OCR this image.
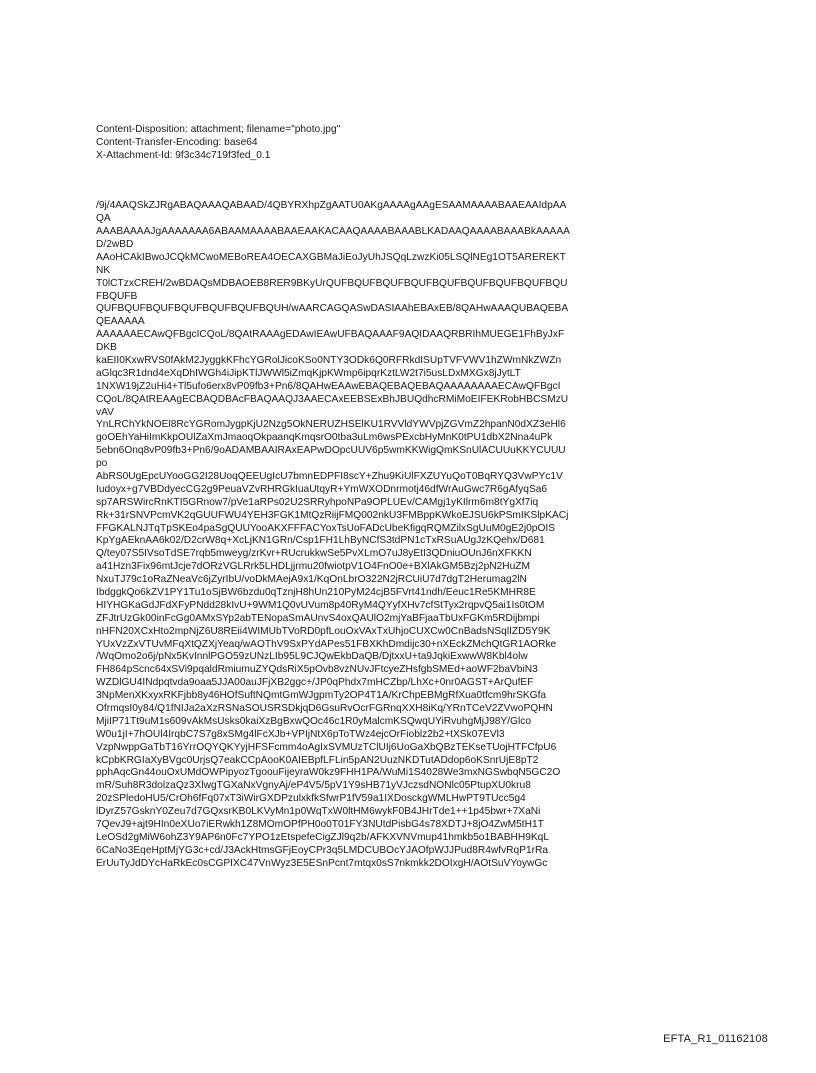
Content-Disposition: attachment; filename="photo.jpg"
Content-Transfer-Encoding: base64
X-Attachment-Id: 9f3c34c719f3fed_0.1

/9j/4AAQSkZJRgABAQAAAQABAAD/4QBYRXhpZgAATU0AKgAAAAgAAgESAAMAAAABAAEAAIdpAA
QA
AAABAAAAJgAAAAAAA6ABAAMAAAABAAEAAKACAAQAAAABAAABLKADAAQAAAABAAABkAAAAA
D/2wBD
AAoHCAkIBwoJCQkMCwoMEBoREA4OECAXGBMaJiEoJyUhJSQqLzwzKi05LSQlNEg1OT5AREREKT
NK
T0lCTzxCREH/2wBDAQsMDBAOEB8RER9BKyUrQUFBQUFBQUFBQUFBQUFBQUFBQUFBQUFBQU
FBQUFB
QUFBQUFBQUFBQUFBQUFBQUFBQUH/wAARCAGQASwDASIAAhEBAxEB/8QAHwAAAQUBAQEBA
QEAAAAA
AAAAAAECAwQFBgcICQoL/8QAtRAAAgEDAwIEAwUFBAQAAAF9AQIDAAQRBRIhMUEGE1FhByJxF
DKB
kaEII0KxwRVS0fAkM2JyggkKFhcYGRolJicoKSo0NTY3ODk6Q0RFRkdISUpTVFVWV1hZWmNkZWZn
aGlqc3R1dnd4eXqDhIWGh4iJipKTlJWWl5iZmqKjpKWmp6ipqrKztLW2t7i5usLDxMXGx8jJytLT
1NXW19jZ2uHi4+Tl5ufo6erx8vP09fb3+Pn6/8QAHwEAAwEBAQEBAQEBAQAAAAAAAAECAwQFBgcI
CQoL/8QAtREAAgECBAQDBAcFBAQAAQJ3AAECAxEEBSExBhJBUQdhcRMiMoEIFEKRobHBCSMzU
vAV
YnLRChYkNOEl8RcYGRomJygpKjU2Nzg5OkNERUZHSElKU1RVVldYWVpjZGVmZ2hpanN0dXZ3eHl6
goOEhYaHiImKkpOUlZaXmJmaoqOkpaanqKmqsrO0tba3uLm6wsPExcbHyMnK0tPU1dbX2Nna4uPk
5ebn6Onq8vP09fb3+Pn6/9oADAMBAAIRAxEAPwDOpcUUV6p5wmKKWigQmKSnUlACUUuKKYCUUU
po
AbRS0UgEpcUYooGG2I28UoqQEEUgIcU7bmnEDPFI8scY+Zhu9KiUlFXZUYuQoT0BqRYQ3VwPYc1V
Iudoyx+g7VBDdyecCG2g9PeuaVZvRHRGkIuaUtqyR+YmWXODnrmotj46dfWrAuGwc7R6gAfyqSa6
sp7ARSWircRnKTI5GRnow7/pVe1aRPs02U2SRRyhpoNPa9OPLUEv/CAMgj1yKIlrm6m8tYgXf7iq
Rk+31rSNVPcmVK2qGUUFWU4YEH3FGK1MtQzRiijFMQ002nkU3FMBppKWkoEJSU6kPSmIKSlpKACj
FFGKALNJTqTpSKEo4paSgQUUYooAKXFFFACYoxTsUoFADcUbeKfigqRQMZilxSgUuM0gE2j0pOIS
KpYgAEknAA6k02/D2crW8q+XcLjKN1GRn/Csp1FH1LhByNCfS3tdPN1cTxRSuAUgJzKQehx/D681
Q/tey07S5IVsoTdSE7rqb5mweyg/zrKvr+RUcrukkwSe5PvXLmO7uJ8yEtI3QDniuOUnJ6nXFKKN
a41Hzn3Fix96mtJcje7dORzVGLRrk5LHDLjjrmu20fwiotpV1O4FnO0e+BXlAkGM5Bzj2pN2HuZM
NxuTJ79c1oRaZNeaVc6jZyrIbU/voDkMAejA9x1/KqOnLbrO322N2jRCUiU7d7dgT2Herumag2lN
IbdggkQo6kZV1PY1Tu1oSjBW6bzdu0qTznjH8hUn210PyM24cjB5FVrt41ndh/Eeuc1Re5KMHR8E
HIYHGKaGdJFdXFyPNdd28kIvU+9WM1Q0vUVum8p40RyM4QYyfXHv7cfStTyx2rqpvQ5ai1Is0tOM
ZFJtrUzGk00inFcGg0AMxSYp2abTENopaSmAUnvS4oxQAUlO2mjYaBFjaaTbUxFGKm5RDijbmpi
nHFN20XCxHto2mpNjZ6U8REii4WIMUbTVoRD0pfLouOxVAxTxUhjoCUXCw0CnBadsNSqlIZD5Y9K
YUxVzZxVTUvMFqXtQZXjYeaq/wAOThV9SxPYdAPes51FBXKhDmdijc30+nXEckZMchQtGR1AORke
/WqOmo2o6j/pNx5KvInnlPGO59zUNzLIb95L9CJQwEkbDaQB/DjtxxU+ta9JqkiExwwW8Kbl4olw
FH864pScnc64xSVi9pqaldRmiumuZYQdsRiX5pOvb8vzNUvJFtcyeZHsfgbSMEd+aoWF2baVbiN3
WZDlGU4INdpqtvda9oaa5JJA00auJFjXB2ggc+/JP0qPhdx7mHCZbp/LhXc+0nr0AGST+ArQufEF
3NpMenXKxyxRKFjbb8y46HOfSuftNQmtGmWJgpmTy2OP4T1A/KrChpEBMgRfXua0tfcm9hrSKGfa
OfrmqsI0y84/Q1fNIJa2aXzRSNaSOUSRSDkjqD6GsuRvOcrFGRnqXXH8iKq/YRnTCeV2ZVwoPQHN
MjiIP71Tt9uM1s609vAkMsUsks0kaiXzBgBxwQOc46c1R0yMalcmKSQwqUYiRvuhgMjJ98Y/Glco
W0u1jI+7hOUl4IrqbC7S7g8xSMg4lFcXJb+VPIjNtX6pToTWz4ejcOrFioblz2b2+tXSk07EVl3
VzpNwppGaTbT16YrrOQYQKYyjHFSFcmm4oAgIxSVMUzTClUIj6UoGaXbQBzTEKseTUojHTFCfpU6
kCpbKRGIaXyBVgc0UrjsQ7eakCCpAooK0AIEBpfLFLin5pAN2UuzNKDTutADdop6oKSnrUjE8pT2
pphAqcGn44ouOxUMdOWPipyozTgoouFijeyraW0kz9FHH1PA/WuMi1S4028We3mxNGSwbqN5GC2O
mR/Suh8R3dolzaQz3XlwgTGXaNxVgnyAj/eP4V5/5pV1Y9sHB71yVJczsdNONlc05PtupXU0kru8
20zSPledoHU5/CrOh6fFq07xT3iWirGXDPzulxkfkSfwrP1fV59a1IXDosckgWMLHwPT9TUcc5g4
lDyrZ57GsknY0Zeu7d7GQxsrKB0LKVyMn1p0WqTxW0ltHM6wykF0B4JHrTde1++1p45bwr+7XaNi
7QevJ9+ajt9HIn0eXUo7iERwkh1Z8MOmOPfPH0o0T01FY3NUtdPisbG4s78XDTJ+8jO4ZwM5tH1T
LeOSd2gMiW6ohZ3Y9AP6n0Fc7YPO1zEtspefeCigZJl9q2b/AFKXVNVmup41hmkb5o1BABHH9KqL
6CaNo3EqeHptMjYG3c+cd/J3AckHtmsGFjEoyCPr3q5LMDCUBOcYJAOfpWJJPud8R4wfvRqP1rRa
ErUuTyJdDYcHaRkEc0sCGPIXC47VnWyz3E5ESnPcnt7mtqx0sS7nkmkk2DOIxgH/AOtSuVYoywGc

EFTA_R1_01162108
